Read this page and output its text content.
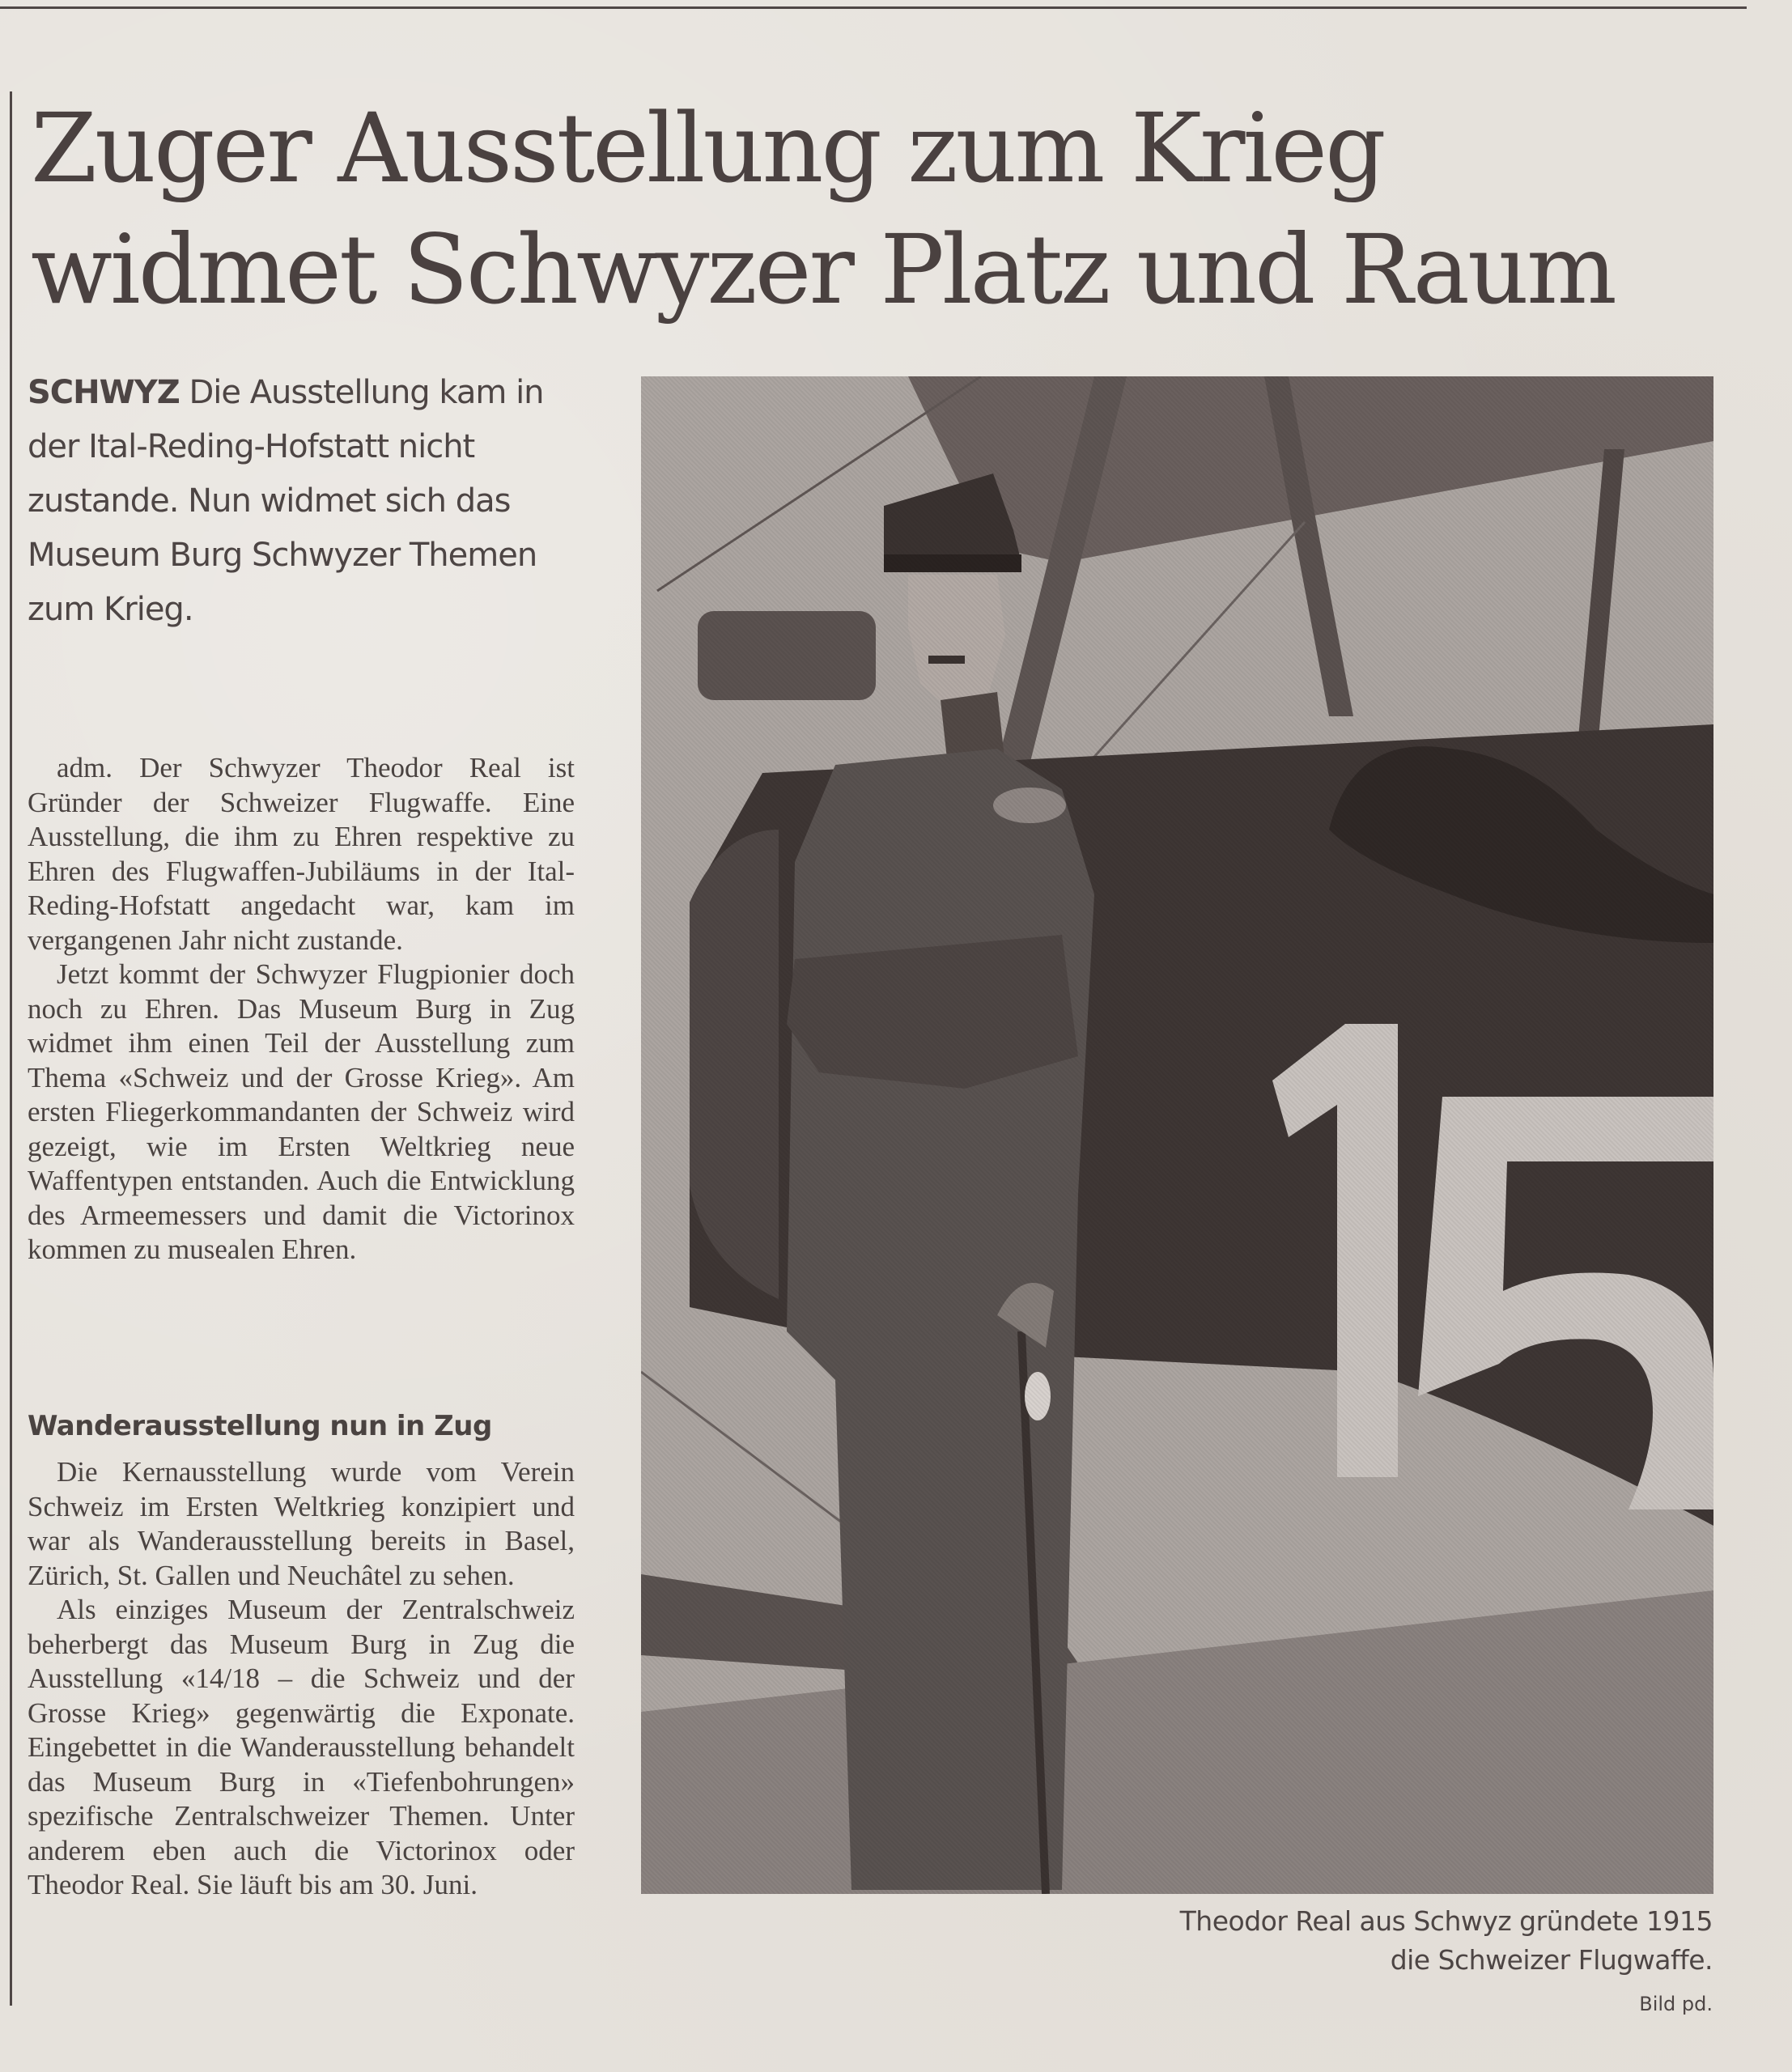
Zuger Ausstellung zum Krieg
widmet Schwyzer Platz und Raum
SCHWYZ Die Ausstellung kam in der Ital-Reding-Hofstatt nicht zustande. Nun widmet sich das Museum Burg Schwyzer Themen zum Krieg.

adm. Der Schwyzer Theodor Real ist Gründer der Schweizer Flugwaffe. Eine Ausstellung, die ihm zu Ehren respektive zu Ehren des Flugwaffen-Jubiläums in der Ital-Reding-Hofstatt angedacht war, kam im vergangenen Jahr nicht zustande.

Jetzt kommt der Schwyzer Flugpionier doch noch zu Ehren. Das Museum Burg in Zug widmet ihm einen Teil der Ausstellung zum Thema «Schweiz und der Grosse Krieg». Am ersten Fliegerkommandanten der Schweiz wird gezeigt, wie im Ersten Weltkrieg neue Waffentypen entstanden. Auch die Entwicklung des Armeemessers und damit die Victorinox kommen zu musealen Ehren.

Wanderausstellung nun in Zug

Die Kernausstellung wurde vom Verein Schweiz im Ersten Weltkrieg konzipiert und war als Wanderausstellung bereits in Basel, Zürich, St. Gallen und Neuchâtel zu sehen.

Als einziges Museum der Zentralschweiz beherbergt das Museum Burg in Zug die Ausstellung «14/18 – die Schweiz und der Grosse Krieg» gegenwärtig die Exponate. Eingebettet in die Wanderausstellung behandelt das Museum Burg in «Tiefenbohrungen» spezifische Zentralschweizer Themen. Unter anderem eben auch die Victorinox oder Theodor Real. Sie läuft bis am 30. Juni.

Theodor Real aus Schwyz gründete 1915
die Schweizer Flugwaffe.
Bild pd.
